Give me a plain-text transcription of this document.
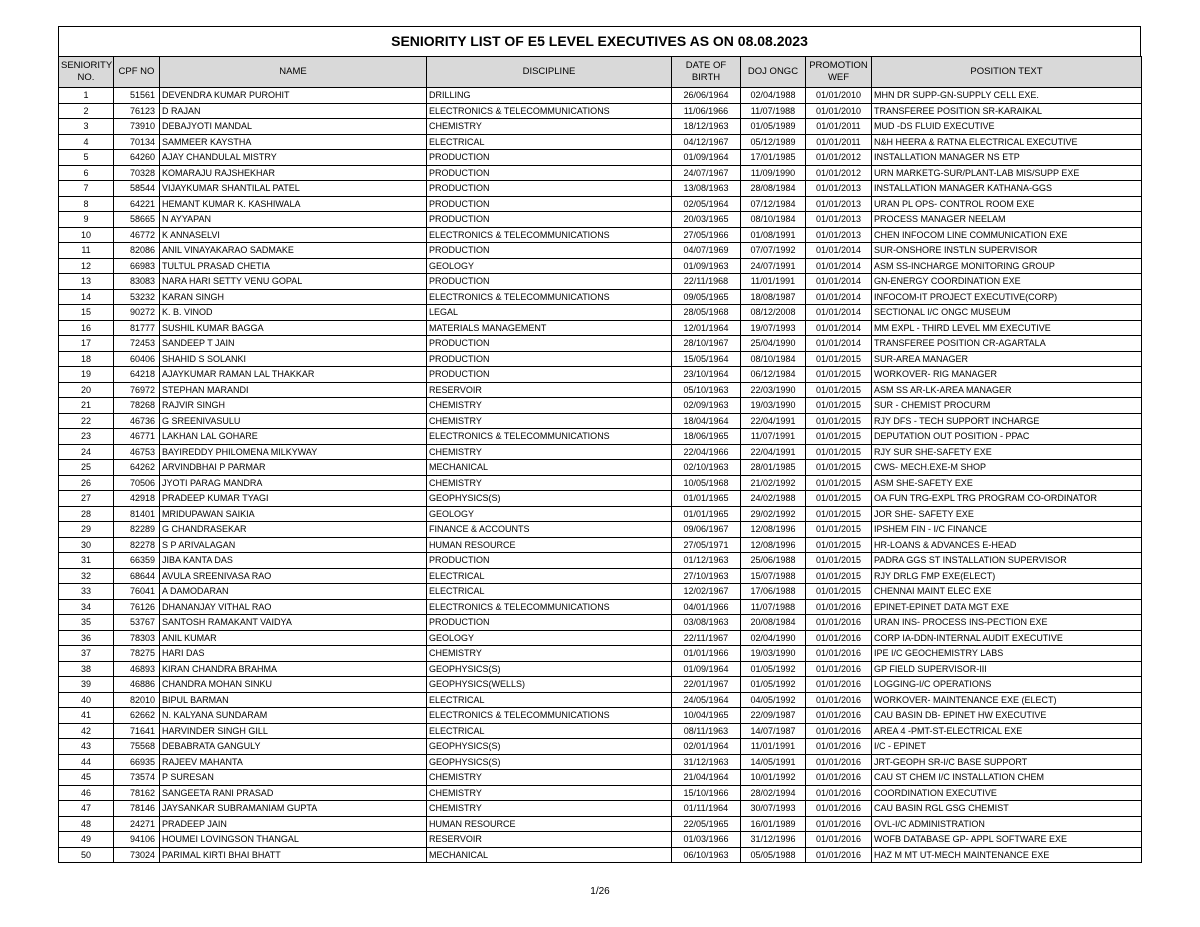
SENIORITY LIST OF E5 LEVEL EXECUTIVES AS ON 08.08.2023
SENIORITY NO.	CPF NO	NAME	DISCIPLINE	DATE OF BIRTH	DOJ ONGC	PROMOTION WEF	POSITION TEXT
1	51561	DEVENDRA KUMAR PUROHIT	DRILLING	26/06/1964	02/04/1988	01/01/2010	MHN DR SUPP-GN-SUPPLY CELL EXE.
2	76123	D RAJAN	ELECTRONICS & TELECOMMUNICATIONS	11/06/1966	11/07/1988	01/01/2010	TRANSFEREE POSITION SR-KARAIKAL
3	73910	DEBAJYOTI MANDAL	CHEMISTRY	18/12/1963	01/05/1989	01/01/2011	MUD -DS FLUID EXECUTIVE
4	70134	SAMMEER KAYSTHA	ELECTRICAL	04/12/1967	05/12/1989	01/01/2011	N&H HEERA & RATNA ELECTRICAL EXECUTIVE
5	64260	AJAY CHANDULAL MISTRY	PRODUCTION	01/09/1964	17/01/1985	01/01/2012	INSTALLATION MANAGER NS ETP
6	70328	KOMARAJU RAJSHEKHAR	PRODUCTION	24/07/1967	11/09/1990	01/01/2012	URN MARKETG-SUR/PLANT-LAB MIS/SUPP EXE
7	58544	VIJAYKUMAR SHANTILAL PATEL	PRODUCTION	13/08/1963	28/08/1984	01/01/2013	INSTALLATION MANAGER KATHANA-GGS
8	64221	HEMANT KUMAR K. KASHIWALA	PRODUCTION	02/05/1964	07/12/1984	01/01/2013	URAN PL OPS- CONTROL ROOM EXE
9	58665	N AYYAPAN	PRODUCTION	20/03/1965	08/10/1984	01/01/2013	PROCESS MANAGER NEELAM
10	46772	K ANNASELVI	ELECTRONICS & TELECOMMUNICATIONS	27/05/1966	01/08/1991	01/01/2013	CHEN INFOCOM LINE COMMUNICATION EXE
11	82086	ANIL VINAYAKARAO SADMAKE	PRODUCTION	04/07/1969	07/07/1992	01/01/2014	SUR-ONSHORE INSTLN SUPERVISOR
12	66983	TULTUL PRASAD CHETIA	GEOLOGY	01/09/1963	24/07/1991	01/01/2014	ASM SS-INCHARGE MONITORING GROUP
13	83083	NARA HARI SETTY VENU GOPAL	PRODUCTION	22/11/1968	11/01/1991	01/01/2014	GN-ENERGY COORDINATION EXE
14	53232	KARAN SINGH	ELECTRONICS & TELECOMMUNICATIONS	09/05/1965	18/08/1987	01/01/2014	INFOCOM-IT PROJECT EXECUTIVE(CORP)
15	90272	K. B. VINOD	LEGAL	28/05/1968	08/12/2008	01/01/2014	SECTIONAL I/C ONGC MUSEUM
16	81777	SUSHIL KUMAR BAGGA	MATERIALS MANAGEMENT	12/01/1964	19/07/1993	01/01/2014	MM EXPL - THIRD LEVEL MM EXECUTIVE
17	72453	SANDEEP T JAIN	PRODUCTION	28/10/1967	25/04/1990	01/01/2014	TRANSFEREE POSITION CR-AGARTALA
18	60406	SHAHID S SOLANKI	PRODUCTION	15/05/1964	08/10/1984	01/01/2015	SUR-AREA MANAGER
19	64218	AJAYKUMAR RAMAN LAL THAKKAR	PRODUCTION	23/10/1964	06/12/1984	01/01/2015	WORKOVER- RIG MANAGER
20	76972	STEPHAN MARANDI	RESERVOIR	05/10/1963	22/03/1990	01/01/2015	ASM SS AR-LK-AREA MANAGER
21	78268	RAJVIR SINGH	CHEMISTRY	02/09/1963	19/03/1990	01/01/2015	SUR - CHEMIST PROCURM
22	46736	G SREENIVASULU	CHEMISTRY	18/04/1964	22/04/1991	01/01/2015	RJY DFS - TECH SUPPORT INCHARGE
23	46771	LAKHAN LAL GOHARE	ELECTRONICS & TELECOMMUNICATIONS	18/06/1965	11/07/1991	01/01/2015	DEPUTATION OUT POSITION - PPAC
24	46753	BAYIREDDY PHILOMENA MILKYWAY	CHEMISTRY	22/04/1966	22/04/1991	01/01/2015	RJY SUR SHE-SAFETY EXE
25	64262	ARVINDBHAI P PARMAR	MECHANICAL	02/10/1963	28/01/1985	01/01/2015	CWS- MECH.EXE-M SHOP
26	70506	JYOTI PARAG MANDRA	CHEMISTRY	10/05/1968	21/02/1992	01/01/2015	ASM SHE-SAFETY EXE
27	42918	PRADEEP KUMAR TYAGI	GEOPHYSICS(S)	01/01/1965	24/02/1988	01/01/2015	OA FUN TRG-EXPL TRG PROGRAM CO-ORDINATOR
28	81401	MRIDUPAWAN SAIKIA	GEOLOGY	01/01/1965	29/02/1992	01/01/2015	JOR SHE- SAFETY EXE
29	82289	G CHANDRASEKAR	FINANCE & ACCOUNTS	09/06/1967	12/08/1996	01/01/2015	IPSHEM FIN - I/C FINANCE
30	82278	S P ARIVALAGAN	HUMAN RESOURCE	27/05/1971	12/08/1996	01/01/2015	HR-LOANS & ADVANCES E-HEAD
31	66359	JIBA KANTA DAS	PRODUCTION	01/12/1963	25/06/1988	01/01/2015	PADRA GGS ST INSTALLATION SUPERVISOR
32	68644	AVULA SREENIVASA RAO	ELECTRICAL	27/10/1963	15/07/1988	01/01/2015	RJY DRLG FMP EXE(ELECT)
33	76041	A DAMODARAN	ELECTRICAL	12/02/1967	17/06/1988	01/01/2015	CHENNAI MAINT ELEC EXE
34	76126	DHANANJAY VITHAL RAO	ELECTRONICS & TELECOMMUNICATIONS	04/01/1966	11/07/1988	01/01/2016	EPINET-EPINET DATA MGT EXE
35	53767	SANTOSH RAMAKANT VAIDYA	PRODUCTION	03/08/1963	20/08/1984	01/01/2016	URAN INS- PROCESS INS-PECTION EXE
36	78303	ANIL KUMAR	GEOLOGY	22/11/1967	02/04/1990	01/01/2016	CORP IA-DDN-INTERNAL AUDIT EXECUTIVE
37	78275	HARI DAS	CHEMISTRY	01/01/1966	19/03/1990	01/01/2016	IPE I/C GEOCHEMISTRY LABS
38	46893	KIRAN CHANDRA BRAHMA	GEOPHYSICS(S)	01/09/1964	01/05/1992	01/01/2016	GP FIELD SUPERVISOR-III
39	46886	CHANDRA MOHAN SINKU	GEOPHYSICS(WELLS)	22/01/1967	01/05/1992	01/01/2016	LOGGING-I/C OPERATIONS
40	82010	BIPUL BARMAN	ELECTRICAL	24/05/1964	04/05/1992	01/01/2016	WORKOVER- MAINTENANCE EXE (ELECT)
41	62662	N. KALYANA SUNDARAM	ELECTRONICS & TELECOMMUNICATIONS	10/04/1965	22/09/1987	01/01/2016	CAU BASIN DB- EPINET HW EXECUTIVE
42	71641	HARVINDER SINGH GILL	ELECTRICAL	08/11/1963	14/07/1987	01/01/2016	AREA 4 -PMT-ST-ELECTRICAL EXE
43	75568	DEBABRATA GANGULY	GEOPHYSICS(S)	02/01/1964	11/01/1991	01/01/2016	I/C - EPINET
44	66935	RAJEEV MAHANTA	GEOPHYSICS(S)	31/12/1963	14/05/1991	01/01/2016	JRT-GEOPH SR-I/C BASE SUPPORT
45	73574	P SURESAN	CHEMISTRY	21/04/1964	10/01/1992	01/01/2016	CAU ST CHEM I/C INSTALLATION CHEM
46	78162	SANGEETA RANI PRASAD	CHEMISTRY	15/10/1966	28/02/1994	01/01/2016	COORDINATION EXECUTIVE
47	78146	JAYSANKAR SUBRAMANIAM GUPTA	CHEMISTRY	01/11/1964	30/07/1993	01/01/2016	CAU BASIN RGL GSG CHEMIST
48	24271	PRADEEP JAIN	HUMAN RESOURCE	22/05/1965	16/01/1989	01/01/2016	OVL-I/C ADMINISTRATION
49	94106	HOUMEI LOVINGSON THANGAL	RESERVOIR	01/03/1966	31/12/1996	01/01/2016	WOFB DATABASE GP- APPL SOFTWARE EXE
50	73024	PARIMAL KIRTI BHAI BHATT	MECHANICAL	06/10/1963	05/05/1988	01/01/2016	HAZ M MT UT-MECH MAINTENANCE EXE
1/26
